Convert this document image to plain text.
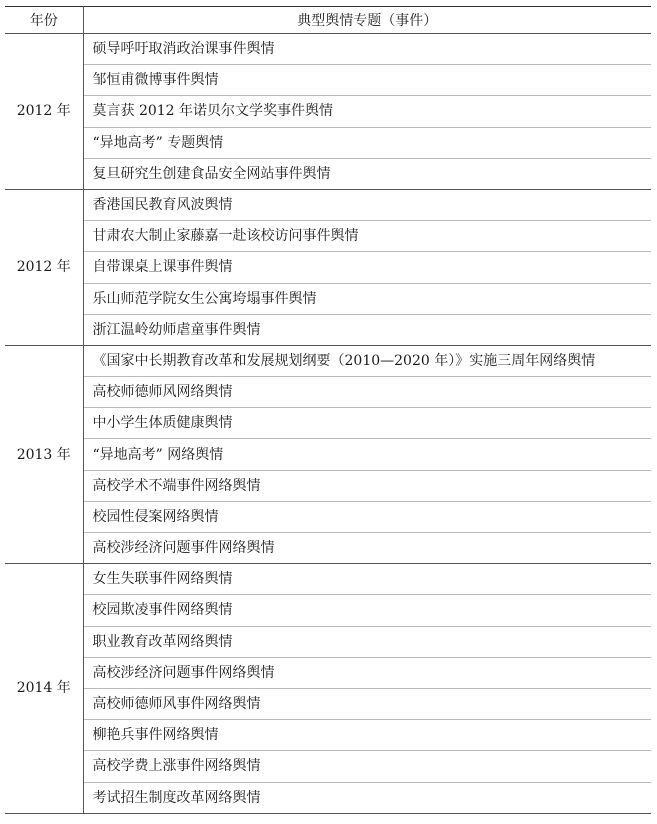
年份	典型舆情专题（事件）
2012 年	硕导呼吁取消政治课事件舆情
	邹恒甫微博事件舆情
	莫言获 2012 年诺贝尔文学奖事件舆情
	“异地高考” 专题舆情
	复旦研究生创建食品安全网站事件舆情
2012 年	香港国民教育风波舆情
	甘肃农大制止家藤嘉一赴该校访问事件舆情
	自带课桌上课事件舆情
	乐山师范学院女生公寓垮塌事件舆情
	浙江温岭幼师虐童事件舆情
2013 年	《国家中长期教育改革和发展规划纲要（2010—2020 年）》实施三周年网络舆情
	高校师德师风网络舆情
	中小学生体质健康舆情
	“异地高考” 网络舆情
	高校学术不端事件网络舆情
	校园性侵案网络舆情
	高校涉经济问题事件网络舆情
2014 年	女生失联事件网络舆情
	校园欺凌事件网络舆情
	职业教育改革网络舆情
	高校涉经济问题事件网络舆情
	高校师德师风事件网络舆情
	柳艳兵事件网络舆情
	高校学费上涨事件网络舆情
	考试招生制度改革网络舆情
